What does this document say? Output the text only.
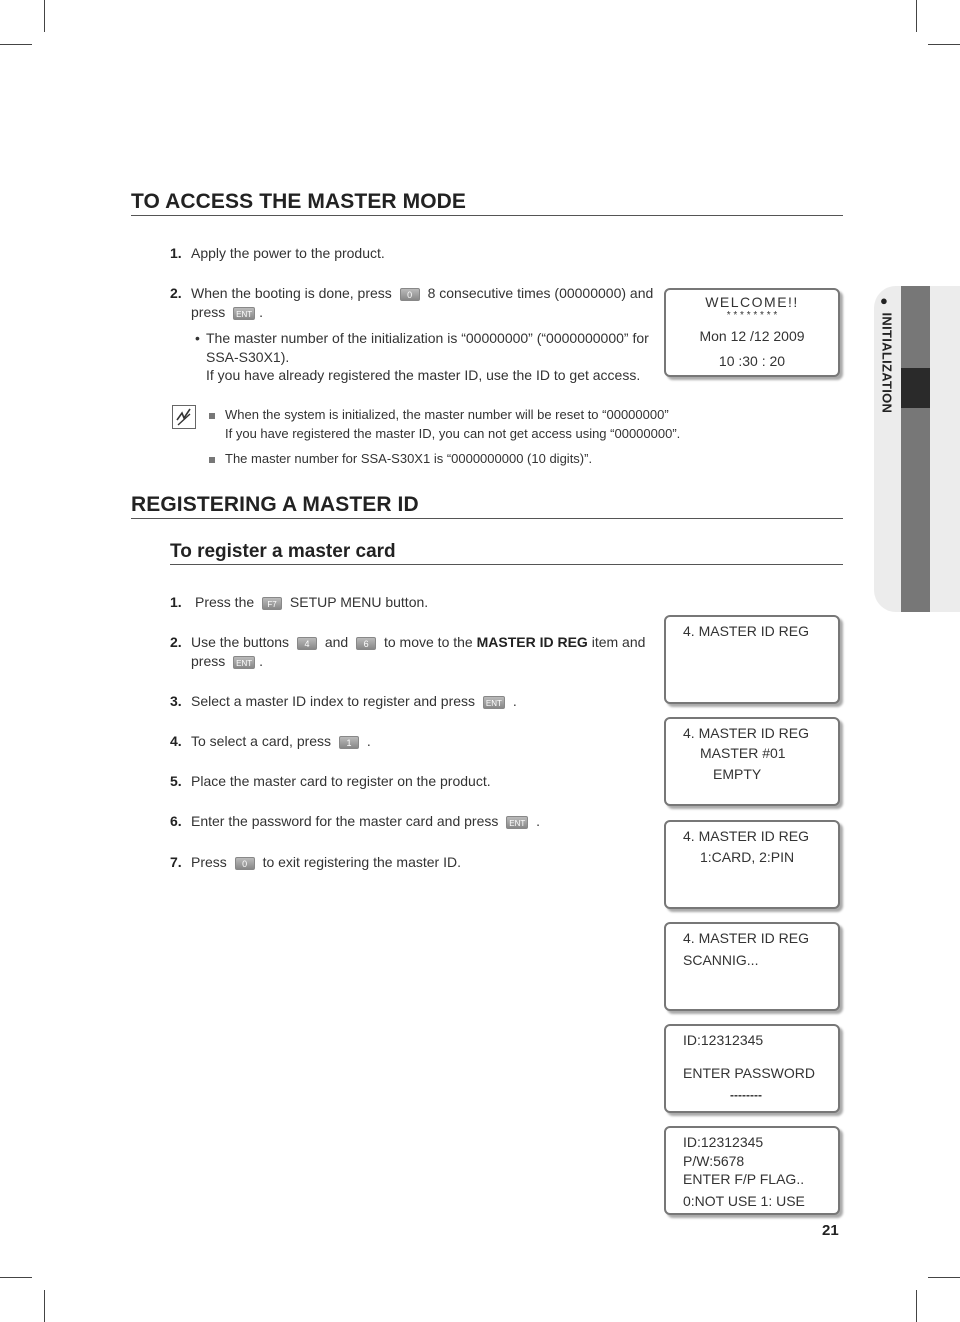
●
INITIALIZATION
TO ACCESS THE MASTER MODE
1. Apply the power to the product.
2. When the booting is done, press 0 8 consecutive times (00000000) and
press ENT .
• The master number of the initialization is “00000000” (“0000000000” for
SSA-S30X1).
If you have already registered the master ID, use the ID to get access.
When the system is initialized, the master number will be reset to “00000000”
If you have registered the master ID, you can not get access using “00000000”.
The master number for SSA-S30X1 is “0000000000 (10 digits)”.
WELCOME!!
* * * * * * * *
Mon 12 /12 2009
10 :30 : 20
REGISTERING A MASTER ID
To register a master card
1. Press the F7 SETUP MENU button.
2. Use the buttons 4 and 6 to move to the MASTER ID REG item and
press ENT .
3. Select a master ID index to register and press ENT .
4. To select a card, press 1 .
5. Place the master card to register on the product.
6. Enter the password for the master card and press ENT .
7. Press 0 to exit registering the master ID.
4. MASTER ID REG
4. MASTER ID REG
MASTER #01
EMPTY
4. MASTER ID REG
1:CARD, 2:PIN
4. MASTER ID REG
SCANNIG...
ID:12312345
ENTER PASSWORD
--------
ID:12312345
P/W:5678
ENTER F/P FLAG..
0:NOT USE 1: USE
21
